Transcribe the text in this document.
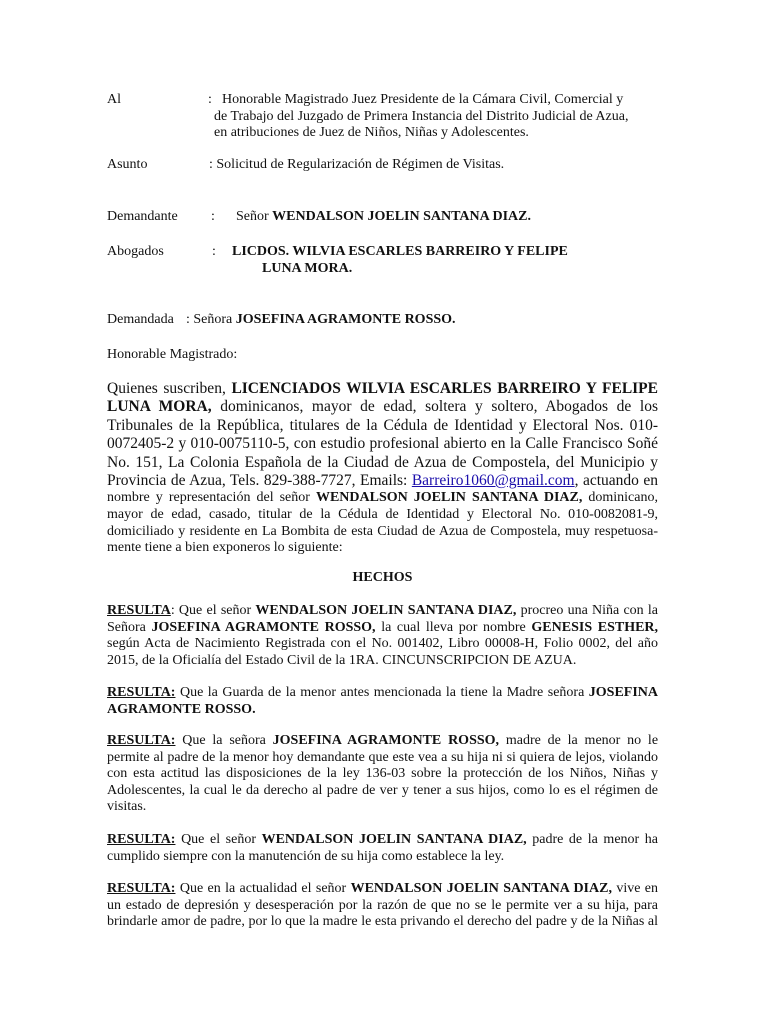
Al	: Honorable Magistrado Juez Presidente de la Cámara Civil, Comercial y
de Trabajo del Juzgado de Primera Instancia del Distrito Judicial de Azua,
en atribuciones de Juez de Niños, Niñas y Adolescentes.
Asunto	: Solicitud de Regularización de Régimen de Visitas.
Demandante : Señor WENDALSON JOELIN SANTANA DIAZ.
Abogados	: LICDOS. WILVIA ESCARLES BARREIRO Y FELIPE
LUNA MORA.
Demandada : Señora JOSEFINA AGRAMONTE ROSSO.
Honorable Magistrado:
Quienes suscriben, LICENCIADOS WILVIA ESCARLES BARREIRO Y FELIPE
LUNA MORA, dominicanos, mayor de edad, soltera y soltero, Abogados de los
Tribunales de la República, titulares de la Cédula de Identidad y Electoral Nos. 010-
0072405-2 y 010-0075110-5, con estudio profesional abierto en la Calle Francisco Soñé
No. 151, La Colonia Española de la Ciudad de Azua de Compostela, del Municipio y
Provincia de Azua, Tels. 829-388-7727, Emails: Barreiro1060@gmail.com, actuando en
nombre y representación del señor WENDALSON JOELIN SANTANA DIAZ, dominicano,
mayor de edad, casado, titular de la Cédula de Identidad y Electoral No. 010-0082081-9,
domiciliado y residente en La Bombita de esta Ciudad de Azua de Compostela, muy respetuosa-
mente tiene a bien exponeros lo siguiente:
HECHOS
RESULTA: Que el señor WENDALSON JOELIN SANTANA DIAZ, procreo una Niña con la
Señora JOSEFINA AGRAMONTE ROSSO, la cual lleva por nombre GENESIS ESTHER,
según Acta de Nacimiento Registrada con el No. 001402, Libro 00008-H, Folio 0002, del año
2015, de la Oficialía del Estado Civil de la 1RA. CINCUNSCRIPCION DE AZUA.
RESULTA: Que la Guarda de la menor antes mencionada la tiene la Madre señora JOSEFINA
AGRAMONTE ROSSO.
RESULTA: Que la señora JOSEFINA AGRAMONTE ROSSO, madre de la menor no le
permite al padre de la menor hoy demandante que este vea a su hija ni si quiera de lejos, violando
con esta actitud las disposiciones de la ley 136-03 sobre la protección de los Niños, Niñas y
Adolescentes, la cual le da derecho al padre de ver y tener a sus hijos, como lo es el régimen de
visitas.
RESULTA: Que el señor WENDALSON JOELIN SANTANA DIAZ, padre de la menor ha
cumplido siempre con la manutención de su hija como establece la ley.
RESULTA: Que en la actualidad el señor WENDALSON JOELIN SANTANA DIAZ, vive en
un estado de depresión y desesperación por la razón de que no se le permite ver a su hija, para
brindarle amor de padre, por lo que la madre le esta privando el derecho del padre y de la Niñas al
